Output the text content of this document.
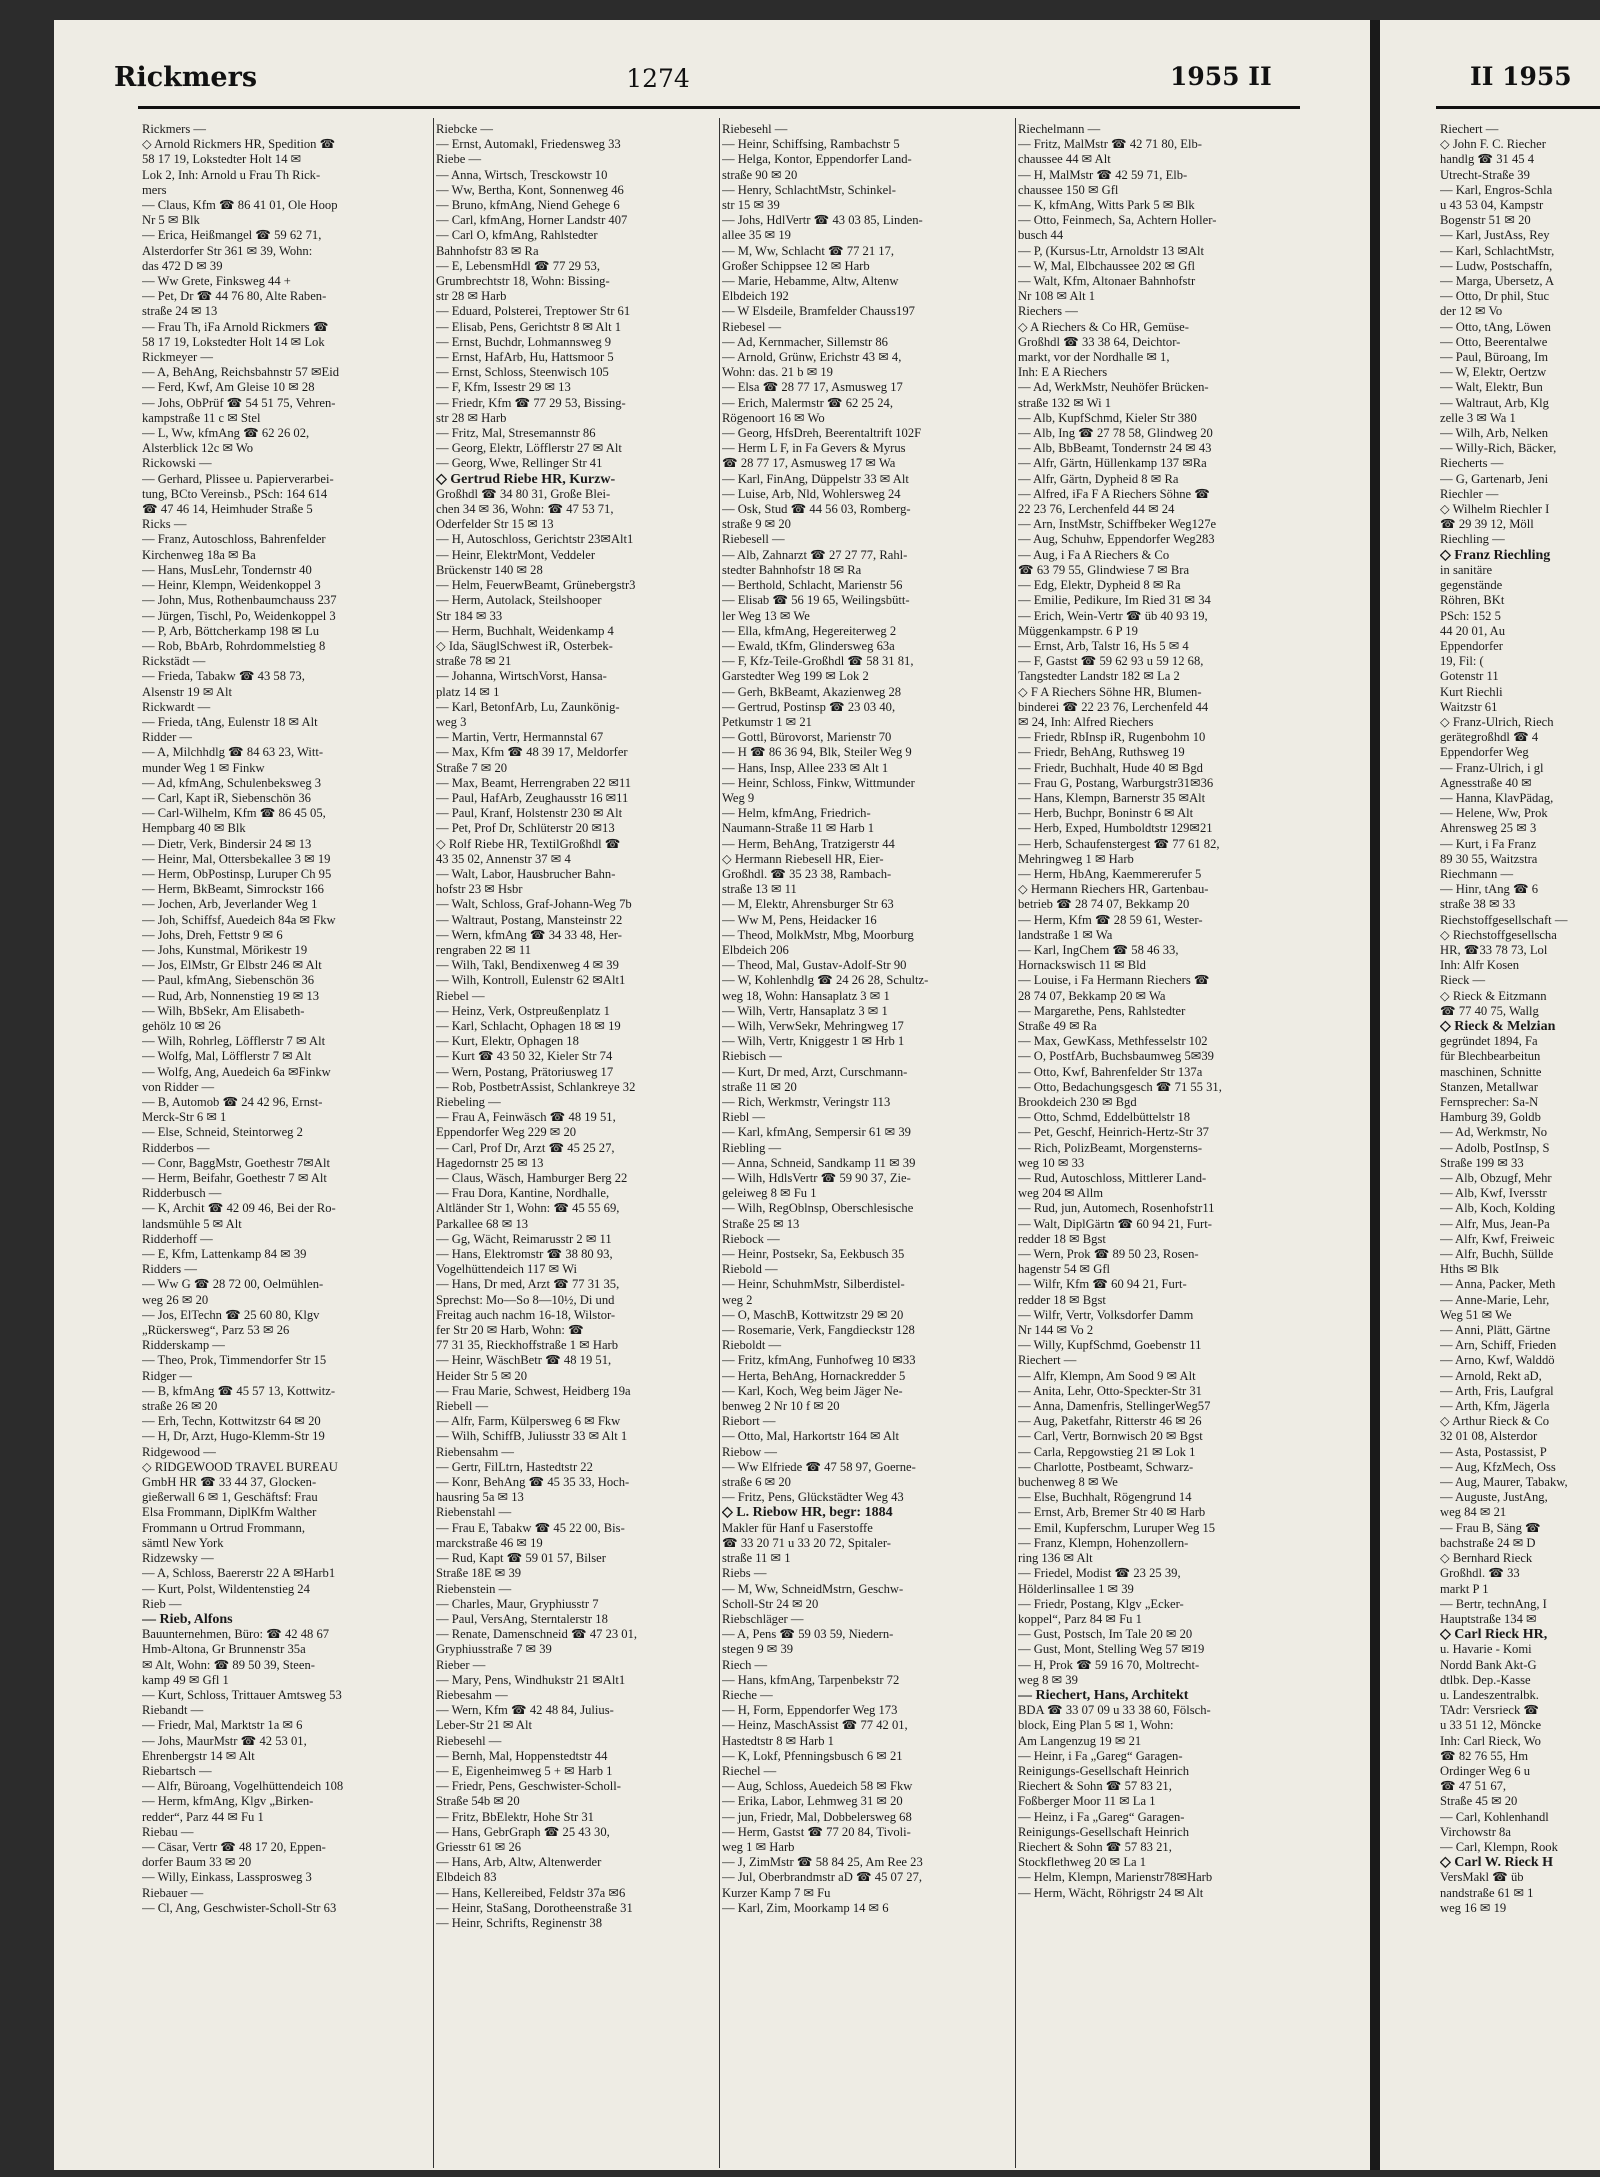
Rickmers	1274	1955 II	II 1955
Rickmers —
◇ Arnold Rickmers HR, Spedition ☎
58 17 19, Lokstedter Holt 14 ✉
Lok 2, Inh: Arnold u Frau Th Rick-
mers
— Claus, Kfm ☎ 86 41 01, Ole Hoop
Nr 5 ✉ Blk
— Erica, Heißmangel ☎ 59 62 71,
Alsterdorfer Str 361 ✉ 39, Wohn:
das 472 D ✉ 39
— Ww Grete, Finksweg 44 +
— Pet, Dr ☎ 44 76 80, Alte Raben-
straße 24 ✉ 13
— Frau Th, iFa Arnold Rickmers ☎
58 17 19, Lokstedter Holt 14 ✉ Lok
Rickmeyer —
— A, BehAng, Reichsbahnstr 57 ✉Eid
— Ferd, Kwf, Am Gleise 10 ✉ 28
— Johs, ObPrüf ☎ 54 51 75, Vehren-
kampstraße 11 c ✉ Stel
— L, Ww, kfmAng ☎ 62 26 02,
Alsterblick 12c ✉ Wo
Rickowski —
— Gerhard, Plissee u. Papierverarbei-
tung, BCto Vereinsb., PSch: 164 614
☎ 47 46 14, Heimhuder Straße 5
Ricks —
— Franz, Autoschloss, Bahrenfelder
Kirchenweg 18a ✉ Ba
— Hans, MusLehr, Tondernstr 40
— Heinr, Klempn, Weidenkoppel 3
— John, Mus, Rothenbaumchauss 237
— Jürgen, Tischl, Po, Weidenkoppel 3
— P, Arb, Böttcherkamp 198 ✉ Lu
— Rob, BbArb, Rohrdommelstieg 8
Rickstädt —
— Frieda, Tabakw ☎ 43 58 73,
Alsenstr 19 ✉ Alt
Rickwardt —
— Frieda, tAng, Eulenstr 18 ✉ Alt
Ridder —
— A, Milchhdlg ☎ 84 63 23, Witt-
munder Weg 1 ✉ Finkw
— Ad, kfmAng, Schulenbeksweg 3
— Carl, Kapt iR, Siebenschön 36
— Carl-Wilhelm, Kfm ☎ 86 45 05,
Hempbarg 40 ✉ Blk
— Dietr, Verk, Bindersir 24 ✉ 13
— Heinr, Mal, Ottersbekallee 3 ✉ 19
— Herm, ObPostinsp, Luruper Ch 95
— Herm, BkBeamt, Simrockstr 166
— Jochen, Arb, Jeverlander Weg 1
— Joh, Schiffsf, Auedeich 84a ✉ Fkw
— Johs, Dreh, Fettstr 9 ✉ 6
— Johs, Kunstmal, Mörikestr 19
— Jos, ElMstr, Gr Elbstr 246 ✉ Alt
— Paul, kfmAng, Siebenschön 36
— Rud, Arb, Nonnenstieg 19 ✉ 13
— Wilh, BbSekr, Am Elisabeth-
gehölz 10 ✉ 26
— Wilh, Rohrleg, Löfflerstr 7 ✉ Alt
— Wolfg, Mal, Löfflerstr 7 ✉ Alt
— Wolfg, Ang, Auedeich 6a ✉Finkw
von Ridder —
— B, Automob ☎ 24 42 96, Ernst-
Merck-Str 6 ✉ 1
— Else, Schneid, Steintorweg 2
Ridderbos —
— Conr, BaggMstr, Goethestr 7✉Alt
— Herm, Beifahr, Goethestr 7 ✉ Alt
Ridderbusch —
— K, Archit ☎ 42 09 46, Bei der Ro-
landsmühle 5 ✉ Alt
Ridderhoff —
— E, Kfm, Lattenkamp 84 ✉ 39
Ridders —
— Ww G ☎ 28 72 00, Oelmühlen-
weg 26 ✉ 20
— Jos, ElTechn ☎ 25 60 80, Klgv
„Rückersweg“, Parz 53 ✉ 26
Ridderskamp —
— Theo, Prok, Timmendorfer Str 15
Ridger —
— B, kfmAng ☎ 45 57 13, Kottwitz-
straße 26 ✉ 20
— Erh, Techn, Kottwitzstr 64 ✉ 20
— H, Dr, Arzt, Hugo-Klemm-Str 19
Ridgewood —
◇ RIDGEWOOD TRAVEL BUREAU
GmbH HR ☎ 33 44 37, Glocken-
gießerwall 6 ✉ 1, Geschäftsf: Frau
Elsa Frommann, DiplKfm Walther
Frommann u Ortrud Frommann,
sämtl New York
Ridzewsky —
— A, Schloss, Baererstr 22 A ✉Harb1
— Kurt, Polst, Wildentenstieg 24
Rieb —
— Rieb, Alfons
Bauunternehmen, Büro: ☎ 42 48 67
Hmb-Altona, Gr Brunnenstr 35a
✉ Alt, Wohn: ☎ 89 50 39, Steen-
kamp 49 ✉ Gfl 1
— Kurt, Schloss, Trittauer Amtsweg 53
Riebandt —
— Friedr, Mal, Marktstr 1a ✉ 6
— Johs, MaurMstr ☎ 42 53 01,
Ehrenbergstr 14 ✉ Alt
Riebartsch —
— Alfr, Büroang, Vogelhüttendeich 108
— Herm, kfmAng, Klgv „Birken-
redder“, Parz 44 ✉ Fu 1
Riebau —
— Cäsar, Vertr ☎ 48 17 20, Eppen-
dorfer Baum 33 ✉ 20
— Willy, Einkass, Lassprosweg 3
Riebauer —
— Cl, Ang, Geschwister-Scholl-Str 63
Riebcke —
— Ernst, Automakl, Friedensweg 33
Riebe —
— Anna, Wirtsch, Tresckowstr 10
— Ww, Bertha, Kont, Sonnenweg 46
— Bruno, kfmAng, Niend Gehege 6
— Carl, kfmAng, Horner Landstr 407
— Carl O, kfmAng, Rahlstedter
Bahnhofstr 83 ✉ Ra
— E, LebensmHdl ☎ 77 29 53,
Grumbrechtstr 18, Wohn: Bissing-
str 28 ✉ Harb
— Eduard, Polsterei, Treptower Str 61
— Elisab, Pens, Gerichtstr 8 ✉ Alt 1
— Ernst, Buchdr, Lohmannsweg 9
— Ernst, HafArb, Hu, Hattsmoor 5
— Ernst, Schloss, Steenwisch 105
— F, Kfm, Issestr 29 ✉ 13
— Friedr, Kfm ☎ 77 29 53, Bissing-
str 28 ✉ Harb
— Fritz, Mal, Stresemannstr 86
— Georg, Elektr, Löfflerstr 27 ✉ Alt
— Georg, Wwe, Rellinger Str 41
◇ Gertrud Riebe HR, Kurzw-
Großhdl ☎ 34 80 31, Große Blei-
chen 34 ✉ 36, Wohn: ☎ 47 53 71,
Oderfelder Str 15 ✉ 13
— H, Autoschloss, Gerichtstr 23✉Alt1
— Heinr, ElektrMont, Veddeler
Brückenstr 140 ✉ 28
— Helm, FeuerwBeamt, Grünebergstr3
— Herm, Autolack, Steilshooper
Str 184 ✉ 33
— Herm, Buchhalt, Weidenkamp 4
◇ Ida, SäuglSchwest iR, Osterbek-
straße 78 ✉ 21
— Johanna, WirtschVorst, Hansa-
platz 14 ✉ 1
— Karl, BetonfArb, Lu, Zaunkönig-
weg 3
— Martin, Vertr, Hermannstal 67
— Max, Kfm ☎ 48 39 17, Meldorfer
Straße 7 ✉ 20
— Max, Beamt, Herrengraben 22 ✉11
— Paul, HafArb, Zeughausstr 16 ✉11
— Paul, Kranf, Holstenstr 230 ✉ Alt
— Pet, Prof Dr, Schlüterstr 20 ✉13
◇ Rolf Riebe HR, TextilGroßhdl ☎
43 35 02, Annenstr 37 ✉ 4
— Walt, Labor, Hausbrucher Bahn-
hofstr 23 ✉ Hsbr
— Walt, Schloss, Graf-Johann-Weg 7b
— Waltraut, Postang, Mansteinstr 22
— Wern, kfmAng ☎ 34 33 48, Her-
rengraben 22 ✉ 11
— Wilh, Takl, Bendixenweg 4 ✉ 39
— Wilh, Kontroll, Eulenstr 62 ✉Alt1
Riebel —
— Heinz, Verk, Ostpreußenplatz 1
— Karl, Schlacht, Ophagen 18 ✉ 19
— Kurt, Elektr, Ophagen 18
— Kurt ☎ 43 50 32, Kieler Str 74
— Wern, Postang, Prätoriusweg 17
— Rob, PostbetrAssist, Schlankreye 32
Riebeling —
— Frau A, Feinwäsch ☎ 48 19 51,
Eppendorfer Weg 229 ✉ 20
— Carl, Prof Dr, Arzt ☎ 45 25 27,
Hagedornstr 25 ✉ 13
— Claus, Wäsch, Hamburger Berg 22
— Frau Dora, Kantine, Nordhalle,
Altländer Str 1, Wohn: ☎ 45 55 69,
Parkallee 68 ✉ 13
— Gg, Wächt, Reimarusstr 2 ✉ 11
— Hans, Elektromstr ☎ 38 80 93,
Vogelhüttendeich 117 ✉ Wi
— Hans, Dr med, Arzt ☎ 77 31 35,
Sprechst: Mo—So 8—10½, Di und
Freitag auch nachm 16-18, Wilstor-
fer Str 20 ✉ Harb, Wohn: ☎
77 31 35, Rieckhoffstraße 1 ✉ Harb
— Heinr, WäschBetr ☎ 48 19 51,
Heider Str 5 ✉ 20
— Frau Marie, Schwest, Heidberg 19a
Riebell —
— Alfr, Farm, Külpersweg 6 ✉ Fkw
— Wilh, SchiffB, Juliusstr 33 ✉ Alt 1
Riebensahm —
— Gertr, FilLtrn, Hastedtstr 22
— Konr, BehAng ☎ 45 35 33, Hoch-
hausring 5a ✉ 13
Riebenstahl —
— Frau E, Tabakw ☎ 45 22 00, Bis-
marckstraße 46 ✉ 19
— Rud, Kapt ☎ 59 01 57, Bilser
Straße 18E ✉ 39
Riebenstein —
— Charles, Maur, Gryphiusstr 7
— Paul, VersAng, Sterntalerstr 18
— Renate, Damenschneid ☎ 47 23 01,
Gryphiusstraße 7 ✉ 39
Rieber —
— Mary, Pens, Windhukstr 21 ✉Alt1
Riebesahm —
— Wern, Kfm ☎ 42 48 84, Julius-
Leber-Str 21 ✉ Alt
Riebesehl —
— Bernh, Mal, Hoppenstedtstr 44
— E, Eigenheimweg 5 + ✉ Harb 1
— Friedr, Pens, Geschwister-Scholl-
Straße 54b ✉ 20
— Fritz, BbElektr, Hohe Str 31
— Hans, GebrGraph ☎ 25 43 30,
Griesstr 61 ✉ 26
— Hans, Arb, Altw, Altenwerder
Elbdeich 83
— Hans, Kellereibed, Feldstr 37a ✉6
— Heinr, StaSang, Dorotheenstraße 31
— Heinr, Schrifts, Reginenstr 38
Riebesehl —
— Heinr, Schiffsing, Rambachstr 5
— Helga, Kontor, Eppendorfer Land-
straße 90 ✉ 20
— Henry, SchlachtMstr, Schinkel-
str 15 ✉ 39
— Johs, HdlVertr ☎ 43 03 85, Linden-
allee 35 ✉ 19
— M, Ww, Schlacht ☎ 77 21 17,
Großer Schippsee 12 ✉ Harb
— Marie, Hebamme, Altw, Altenw
Elbdeich 192
— W Elsdeile, Bramfelder Chauss197
Riebesel —
— Ad, Kernmacher, Sillemstr 86
— Arnold, Grünw, Erichstr 43 ✉ 4,
Wohn: das. 21 b ✉ 19
— Elsa ☎ 28 77 17, Asmusweg 17
— Erich, Malermstr ☎ 62 25 24,
Rögenoort 16 ✉ Wo
— Georg, HfsDreh, Beerentaltrift 102F
— Herm L F, in Fa Gevers & Myrus
☎ 28 77 17, Asmusweg 17 ✉ Wa
— Karl, FinAng, Düppelstr 33 ✉ Alt
— Luise, Arb, Nld, Wohlersweg 24
— Osk, Stud ☎ 44 56 03, Romberg-
straße 9 ✉ 20
Riebesell —
— Alb, Zahnarzt ☎ 27 27 77, Rahl-
stedter Bahnhofstr 18 ✉ Ra
— Berthold, Schlacht, Marienstr 56
— Elisab ☎ 56 19 65, Weilingsbütt-
ler Weg 13 ✉ We
— Ella, kfmAng, Hegereiterweg 2
— Ewald, tKfm, Glindersweg 63a
— F, Kfz-Teile-Großhdl ☎ 58 31 81,
Garstedter Weg 199 ✉ Lok 2
— Gerh, BkBeamt, Akazienweg 28
— Gertrud, Postinsp ☎ 23 03 40,
Petkumstr 1 ✉ 21
— Gottl, Bürovorst, Marienstr 70
— H ☎ 86 36 94, Blk, Steiler Weg 9
— Hans, Insp, Allee 233 ✉ Alt 1
— Heinr, Schloss, Finkw, Wittmunder
Weg 9
— Helm, kfmAng, Friedrich-
Naumann-Straße 11 ✉ Harb 1
— Herm, BehAng, Tratzigerstr 44
◇ Hermann Riebesell HR, Eier-
Großhdl. ☎ 35 23 38, Rambach-
straße 13 ✉ 11
— M, Elektr, Ahrensburger Str 63
— Ww M, Pens, Heidacker 16
— Theod, MolkMstr, Mbg, Moorburg
Elbdeich 206
— Theod, Mal, Gustav-Adolf-Str 90
— W, Kohlenhdlg ☎ 24 26 28, Schultz-
weg 18, Wohn: Hansaplatz 3 ✉ 1
— Wilh, Vertr, Hansaplatz 3 ✉ 1
— Wilh, VerwSekr, Mehringweg 17
— Wilh, Vertr, Kniggestr 1 ✉ Hrb 1
Riebisch —
— Kurt, Dr med, Arzt, Curschmann-
straße 11 ✉ 20
— Rich, Werkmstr, Veringstr 113
Riebl —
— Karl, kfmAng, Sempersir 61 ✉ 39
Riebling —
— Anna, Schneid, Sandkamp 11 ✉ 39
— Wilh, HdlsVertr ☎ 59 90 37, Zie-
geleiweg 8 ✉ Fu 1
— Wilh, RegOblnsp, Oberschlesische
Straße 25 ✉ 13
Riebock —
— Heinr, Postsekr, Sa, Eekbusch 35
Riebold —
— Heinr, SchuhmMstr, Silberdistel-
weg 2
— O, MaschB, Kottwitzstr 29 ✉ 20
— Rosemarie, Verk, Fangdieckstr 128
Rieboldt —
— Fritz, kfmAng, Funhofweg 10 ✉33
— Herta, BehAng, Hornackredder 5
— Karl, Koch, Weg beim Jäger Ne-
benweg 2 Nr 10 f ✉ 20
Riebort —
— Otto, Mal, Harkortstr 164 ✉ Alt
Riebow —
— Ww Elfriede ☎ 47 58 97, Goerne-
straße 6 ✉ 20
— Fritz, Pens, Glückstädter Weg 43
◇ L. Riebow HR, begr: 1884
Makler für Hanf u Faserstoffe
☎ 33 20 71 u 33 20 72, Spitaler-
straße 11 ✉ 1
Riebs —
— M, Ww, SchneidMstrn, Geschw-
Scholl-Str 24 ✉ 20
Riebschläger —
— A, Pens ☎ 59 03 59, Niedern-
stegen 9 ✉ 39
Riech —
— Hans, kfmAng, Tarpenbekstr 72
Rieche —
— H, Form, Eppendorfer Weg 173
— Heinz, MaschAssist ☎ 77 42 01,
Hastedtstr 8 ✉ Harb 1
— K, Lokf, Pfenningsbusch 6 ✉ 21
Riechel —
— Aug, Schloss, Auedeich 58 ✉ Fkw
— Erika, Labor, Lehmweg 31 ✉ 20
— jun, Friedr, Mal, Dobbelersweg 68
— Herm, Gastst ☎ 77 20 84, Tivoli-
weg 1 ✉ Harb
— J, ZimMstr ☎ 58 84 25, Am Ree 23
— Jul, Oberbrandmstr aD ☎ 45 07 27,
Kurzer Kamp 7 ✉ Fu
— Karl, Zim, Moorkamp 14 ✉ 6
Riechelmann —
— Fritz, MalMstr ☎ 42 71 80, Elb-
chaussee 44 ✉ Alt
— H, MalMstr ☎ 42 59 71, Elb-
chaussee 150 ✉ Gfl
— K, kfmAng, Witts Park 5 ✉ Blk
— Otto, Feinmech, Sa, Achtern Holler-
busch 44
— P, (Kursus-Ltr, Arnoldstr 13 ✉Alt
— W, Mal, Elbchaussee 202 ✉ Gfl
— Walt, Kfm, Altonaer Bahnhofstr
Nr 108 ✉ Alt 1
Riechers —
◇ A Riechers & Co HR, Gemüse-
Großhdl ☎ 33 38 64, Deichtor-
markt, vor der Nordhalle ✉ 1,
Inh: E A Riechers
— Ad, WerkMstr, Neuhöfer Brücken-
straße 132 ✉ Wi 1
— Alb, KupfSchmd, Kieler Str 380
— Alb, Ing ☎ 27 78 58, Glindweg 20
— Alb, BbBeamt, Tondernstr 24 ✉ 43
— Alfr, Gärtn, Hüllenkamp 137 ✉Ra
— Alfr, Gärtn, Dypheid 8 ✉ Ra
— Alfred, iFa F A Riechers Söhne ☎
22 23 76, Lerchenfeld 44 ✉ 24
— Arn, InstMstr, Schiffbeker Weg127e
— Aug, Schuhw, Eppendorfer Weg283
— Aug, i Fa A Riechers & Co
☎ 63 79 55, Glindwiese 7 ✉ Bra
— Edg, Elektr, Dypheid 8 ✉ Ra
— Emilie, Pedikure, Im Ried 31 ✉ 34
— Erich, Wein-Vertr ☎ üb 40 93 19,
Müggenkampstr. 6 P 19
— Ernst, Arb, Talstr 16, Hs 5 ✉ 4
— F, Gastst ☎ 59 62 93 u 59 12 68,
Tangstedter Landstr 182 ✉ La 2
◇ F A Riechers Söhne HR, Blumen-
binderei ☎ 22 23 76, Lerchenfeld 44
✉ 24, Inh: Alfred Riechers
— Friedr, RbInsp iR, Rugenbohm 10
— Friedr, BehAng, Ruthsweg 19
— Friedr, Buchhalt, Hude 40 ✉ Bgd
— Frau G, Postang, Warburgstr31✉36
— Hans, Klempn, Barnerstr 35 ✉Alt
— Herb, Buchpr, Boninstr 6 ✉ Alt
— Herb, Exped, Humboldtstr 129✉21
— Herb, Schaufenstergest ☎ 77 61 82,
Mehringweg 1 ✉ Harb
— Herm, HbAng, Kaemmererufer 5
◇ Hermann Riechers HR, Gartenbau-
betrieb ☎ 28 74 07, Bekkamp 20
— Herm, Kfm ☎ 28 59 61, Wester-
landstraße 1 ✉ Wa
— Karl, IngChem ☎ 58 46 33,
Hornackswisch 11 ✉ Bld
— Louise, i Fa Hermann Riechers ☎
28 74 07, Bekkamp 20 ✉ Wa
— Margarethe, Pens, Rahlstedter
Straße 49 ✉ Ra
— Max, GewKass, Methfesselstr 102
— O, PostfArb, Buchsbaumweg 5✉39
— Otto, Kwf, Bahrenfelder Str 137a
— Otto, Bedachungsgesch ☎ 71 55 31,
Brookdeich 230 ✉ Bgd
— Otto, Schmd, Eddelbüttelstr 18
— Pet, Geschf, Heinrich-Hertz-Str 37
— Rich, PolizBeamt, Morgensterns-
weg 10 ✉ 33
— Rud, Autoschloss, Mittlerer Land-
weg 204 ✉ Allm
— Rud, jun, Automech, Rosenhofstr11
— Walt, DiplGärtn ☎ 60 94 21, Furt-
redder 18 ✉ Bgst
— Wern, Prok ☎ 89 50 23, Rosen-
hagenstr 54 ✉ Gfl
— Wilfr, Kfm ☎ 60 94 21, Furt-
redder 18 ✉ Bgst
— Wilfr, Vertr, Volksdorfer Damm
Nr 144 ✉ Vo 2
— Willy, KupfSchmd, Goebenstr 11
Riechert —
— Alfr, Klempn, Am Sood 9 ✉ Alt
— Anita, Lehr, Otto-Speckter-Str 31
— Anna, Damenfris, StellingerWeg57
— Aug, Paketfahr, Ritterstr 46 ✉ 26
— Carl, Vertr, Bornwisch 20 ✉ Bgst
— Carla, Repgowstieg 21 ✉ Lok 1
— Charlotte, Postbeamt, Schwarz-
buchenweg 8 ✉ We
— Else, Buchhalt, Rögengrund 14
— Ernst, Arb, Bremer Str 40 ✉ Harb
— Emil, Kupferschm, Luruper Weg 15
— Franz, Klempn, Hohenzollern-
ring 136 ✉ Alt
— Friedel, Modist ☎ 23 25 39,
Hölderlinsallee 1 ✉ 39
— Friedr, Postang, Klgv „Ecker-
koppel“, Parz 84 ✉ Fu 1
— Gust, Postsch, Im Tale 20 ✉ 20
— Gust, Mont, Stelling Weg 57 ✉19
— H, Prok ☎ 59 16 70, Moltrecht-
weg 8 ✉ 39
— Riechert, Hans, Architekt
BDA ☎ 33 07 09 u 33 38 60, Fölsch-
block, Eing Plan 5 ✉ 1, Wohn:
Am Langenzug 19 ✉ 21
— Heinr, i Fa „Gareg“ Garagen-
Reinigungs-Gesellschaft Heinrich
Riechert & Sohn ☎ 57 83 21,
Foßberger Moor 11 ✉ La 1
— Heinz, i Fa „Gareg“ Garagen-
Reinigungs-Gesellschaft Heinrich
Riechert & Sohn ☎ 57 83 21,
Stockflethweg 20 ✉ La 1
— Helm, Klempn, Marienstr78✉Harb
— Herm, Wächt, Röhrigstr 24 ✉ Alt
Riechert —
◇ John F. C. Riecher
handlg ☎ 31 45 4
Utrecht-Straße 39
— Karl, Engros-Schla
u 43 53 04, Kampstr
Bogenstr 51 ✉ 20
— Karl, JustAss, Rey
— Karl, SchlachtMstr,
— Ludw, Postschaffn,
— Marga, Ubersetz, A
— Otto, Dr phil, Stuc
der 12 ✉ Vo
— Otto, tAng, Löwen
— Otto, Beerentalwe
— Paul, Büroang, Im
— W, Elektr, Oertzw
— Walt, Elektr, Bun
— Waltraut, Arb, Klg
zelle 3 ✉ Wa 1
— Wilh, Arb, Nelken
— Willy-Rich, Bäcker,
Riecherts —
— G, Gartenarb, Jeni
Riechler —
◇ Wilhelm Riechler I
☎ 29 39 12, Möll
Riechling —
◇ Franz Riechling
in sanitäre
gegenstände
Röhren, BKt
PSch: 152 5
44 20 01, Au
Eppendorfer
19, Fil: (
Gotenstr 11
Kurt Riechli
Waitzstr 61
◇ Franz-Ulrich, Riech
gerätegroßhdl ☎ 4
Eppendorfer Weg
— Franz-Ulrich, i gl
Agnesstraße 40 ✉
— Hanna, KlavPädag,
— Helene, Ww, Prok
Ahrensweg 25 ✉ 3
— Kurt, i Fa Franz
89 30 55, Waitzstra
Riechmann —
— Hinr, tAng ☎ 6
straße 38 ✉ 33
Riechstoffgesellschaft —
◇ Riechstoffgesellscha
HR, ☎33 78 73, Lol
Inh: Alfr Kosen
Rieck —
◇ Rieck & Eitzmann
☎ 77 40 75, Wallg
◇ Rieck & Melzian
gegründet 1894, Fa
für Blechbearbeitun
maschinen, Schnitte
Stanzen, Metallwar
Fernsprecher: Sa-N
Hamburg 39, Goldb
— Ad, Werkmstr, No
— Adolb, PostInsp, S
Straße 199 ✉ 33
— Alb, Obzugf, Mehr
— Alb, Kwf, Iversstr
— Alb, Koch, Kolding
— Alfr, Mus, Jean-Pa
— Alfr, Kwf, Freiweic
— Alfr, Buchh, Süllde
Hths ✉ Blk
— Anna, Packer, Meth
— Anne-Marie, Lehr,
Weg 51 ✉ We
— Anni, Plätt, Gärtne
— Arn, Schiff, Frieden
— Arno, Kwf, Walddö
— Arnold, Rekt aD,
— Arth, Fris, Laufgral
— Arth, Kfm, Jägerla
◇ Arthur Rieck & Co
32 01 08, Alsterdor
— Asta, Postassist, P
— Aug, KfzMech, Oss
— Aug, Maurer, Tabakw,
— Auguste, JustAng,
weg 84 ✉ 21
— Frau B, Säng ☎
bachstraße 24 ✉ D
◇ Bernhard Rieck
Großhdl. ☎ 33
markt P 1
— Bertr, technAng, I
Hauptstraße 134 ✉
◇ Carl Rieck HR,
u. Havarie - Komi
Nordd Bank Akt-G
dtlbk. Dep.-Kasse
u. Landeszentralbk.
TAdr: Versrieck ☎
u 33 51 12, Möncke
Inh: Carl Rieck, Wo
☎ 82 76 55, Hm
Ordinger Weg 6 u
☎ 47 51 67,
Straße 45 ✉ 20
— Carl, Kohlenhandl
Virchowstr 8a
— Carl, Klempn, Rook
◇ Carl W. Rieck H
VersMakl ☎ üb
nandstraße 61 ✉ 1
weg 16 ✉ 19
